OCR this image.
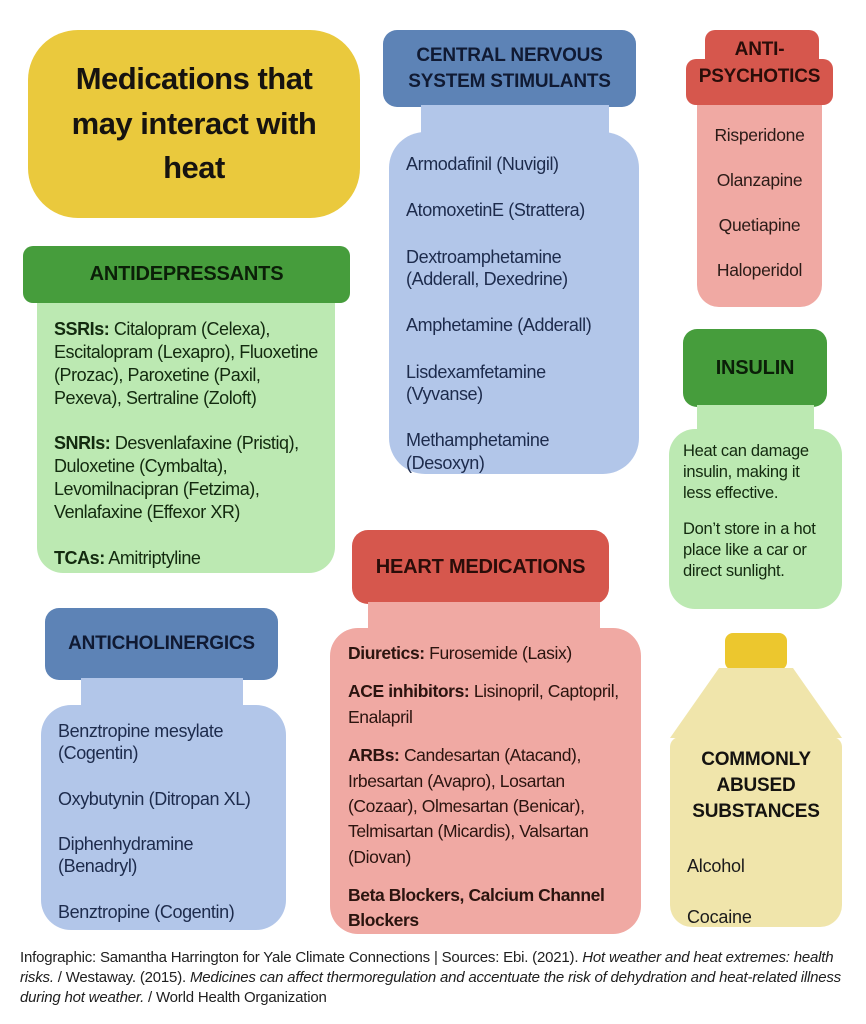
Medications that may interact with heat
CENTRAL NERVOUS SYSTEM STIMULANTS
Armodafinil (Nuvigil)
AtomoxetinE (Strattera)
Dextroamphetamine (Adderall, Dexedrine)
Amphetamine (Adderall)
Lisdexamfetamine (Vyvanse)
Methamphetamine (Desoxyn)
ANTI-PSYCHOTICS
Risperidone
Olanzapine
Quetiapine
Haloperidol
ANTIDEPRESSANTS

SSRIs: Citalopram (Celexa), Escitalopram (Lexapro), Fluoxetine (Prozac), Paroxetine (Paxil, Pexeva), Sertraline (Zoloft)

SNRIs: Desvenlafaxine (Pristiq), Duloxetine (Cymbalta), Levomilnacipran (Fetzima), Venlafaxine (Effexor XR)

TCAs: Amitriptyline

INSULIN

Heat can damage insulin, making it less effective.

Don’t store in a hot place like a car or direct sunlight.

ANTICHOLINERGICS
Benztropine mesylate (Cogentin)
Oxybutynin (Ditropan XL)
Diphenhydramine (Benadryl)
Benztropine (Cogentin)
HEART MEDICATIONS

Diuretics: Furosemide (Lasix)

ACE inhibitors: Lisinopril, Captopril, Enalapril

ARBs: Candesartan (Atacand), Irbesartan (Avapro), Losartan (Cozaar), Olmesartan (Benicar), Telmisartan (Micardis), Valsartan (Diovan)

Beta Blockers, Calcium Channel Blockers

COMMONLY ABUSED SUBSTANCES
Alcohol
Cocaine
Infographic: Samantha Harrington for Yale Climate Connections | Sources: Ebi. (2021). Hot weather and heat extremes: health risks. / Westaway. (2015). Medicines can affect thermoregulation and accentuate the risk of dehydration and heat-related illness during hot weather. / World Health Organization
